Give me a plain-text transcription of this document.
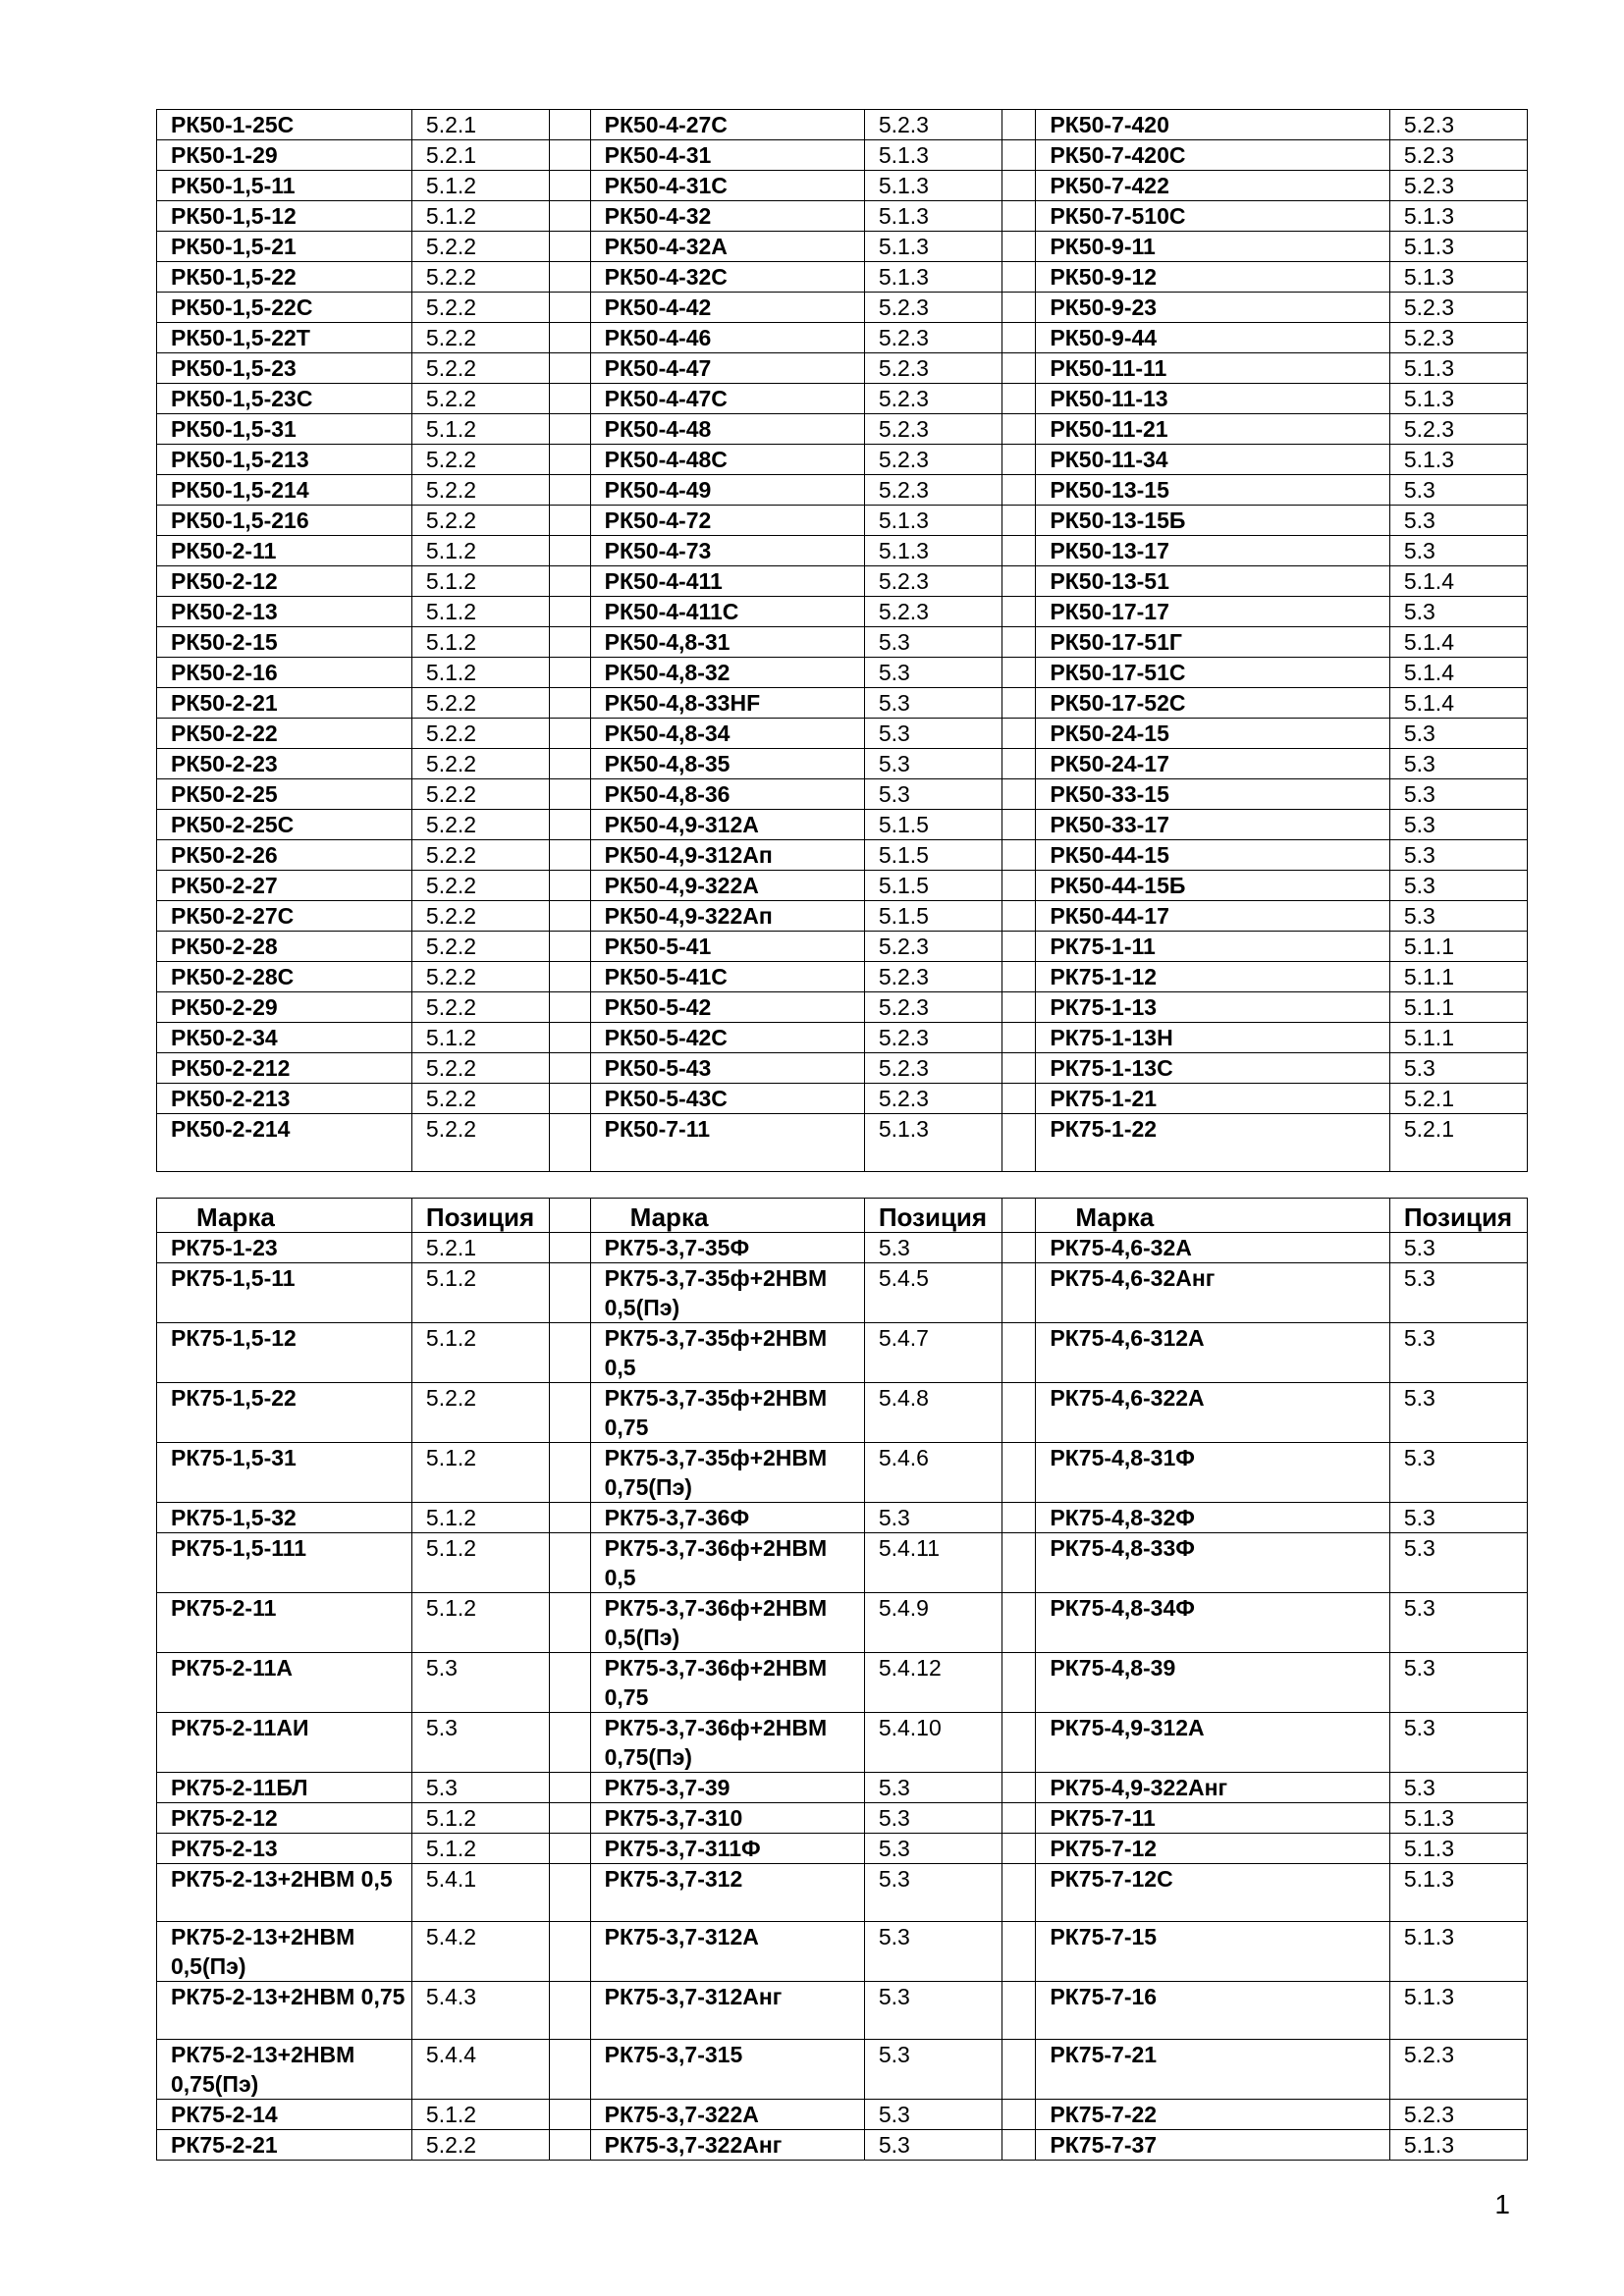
РК50-1-25С	5.2.1		РК50-4-27С	5.2.3		РК50-7-420	5.2.3
РК50-1-29	5.2.1		РК50-4-31	5.1.3		РК50-7-420С	5.2.3
РК50-1,5-11	5.1.2		РК50-4-31С	5.1.3		РК50-7-422	5.2.3
РК50-1,5-12	5.1.2		РК50-4-32	5.1.3		РК50-7-510С	5.1.3
РК50-1,5-21	5.2.2		РК50-4-32А	5.1.3		РК50-9-11	5.1.3
РК50-1,5-22	5.2.2		РК50-4-32С	5.1.3		РК50-9-12	5.1.3
РК50-1,5-22С	5.2.2		РК50-4-42	5.2.3		РК50-9-23	5.2.3
РК50-1,5-22Т	5.2.2		РК50-4-46	5.2.3		РК50-9-44	5.2.3
РК50-1,5-23	5.2.2		РК50-4-47	5.2.3		РК50-11-11	5.1.3
РК50-1,5-23С	5.2.2		РК50-4-47С	5.2.3		РК50-11-13	5.1.3
РК50-1,5-31	5.1.2		РК50-4-48	5.2.3		РК50-11-21	5.2.3
РК50-1,5-213	5.2.2		РК50-4-48С	5.2.3		РК50-11-34	5.1.3
РК50-1,5-214	5.2.2		РК50-4-49	5.2.3		РК50-13-15	5.3
РК50-1,5-216	5.2.2		РК50-4-72	5.1.3		РК50-13-15Б	5.3
РК50-2-11	5.1.2		РК50-4-73	5.1.3		РК50-13-17	5.3
РК50-2-12	5.1.2		РК50-4-411	5.2.3		РК50-13-51	5.1.4
РК50-2-13	5.1.2		РК50-4-411С	5.2.3		РК50-17-17	5.3
РК50-2-15	5.1.2		РК50-4,8-31	5.3		РК50-17-51Г	5.1.4
РК50-2-16	5.1.2		РК50-4,8-32	5.3		РК50-17-51С	5.1.4
РК50-2-21	5.2.2		РК50-4,8-33НF	5.3		РК50-17-52С	5.1.4
РК50-2-22	5.2.2		РК50-4,8-34	5.3		РК50-24-15	5.3
РК50-2-23	5.2.2		РК50-4,8-35	5.3		РК50-24-17	5.3
РК50-2-25	5.2.2		РК50-4,8-36	5.3		РК50-33-15	5.3
РК50-2-25С	5.2.2		РК50-4,9-312А	5.1.5		РК50-33-17	5.3
РК50-2-26	5.2.2		РК50-4,9-312Ап	5.1.5		РК50-44-15	5.3
РК50-2-27	5.2.2		РК50-4,9-322А	5.1.5		РК50-44-15Б	5.3
РК50-2-27С	5.2.2		РК50-4,9-322Ап	5.1.5		РК50-44-17	5.3
РК50-2-28	5.2.2		РК50-5-41	5.2.3		РК75-1-11	5.1.1
РК50-2-28С	5.2.2		РК50-5-41С	5.2.3		РК75-1-12	5.1.1
РК50-2-29	5.2.2		РК50-5-42	5.2.3		РК75-1-13	5.1.1
РК50-2-34	5.1.2		РК50-5-42С	5.2.3		РК75-1-13Н	5.1.1
РК50-2-212	5.2.2		РК50-5-43	5.2.3		РК75-1-13С	5.3
РК50-2-213	5.2.2		РК50-5-43С	5.2.3		РК75-1-21	5.2.1
РК50-2-214	5.2.2		РК50-7-11	5.1.3		РК75-1-22	5.2.1
Марка	Позиция		Марка	Позиция		Марка	Позиция
РК75-1-23	5.2.1		РК75-3,7-35Ф	5.3		РК75-4,6-32А	5.3
РК75-1,5-11	5.1.2		РК75-3,7-35ф+2НВМ 0,5(Пэ)	5.4.5		РК75-4,6-32Анг	5.3
РК75-1,5-12	5.1.2		РК75-3,7-35ф+2НВМ 0,5	5.4.7		РК75-4,6-312А	5.3
РК75-1,5-22	5.2.2		РК75-3,7-35ф+2НВМ 0,75	5.4.8		РК75-4,6-322А	5.3
РК75-1,5-31	5.1.2		РК75-3,7-35ф+2НВМ 0,75(Пэ)	5.4.6		РК75-4,8-31Ф	5.3
РК75-1,5-32	5.1.2		РК75-3,7-36Ф	5.3		РК75-4,8-32Ф	5.3
РК75-1,5-111	5.1.2		РК75-3,7-36ф+2НВМ 0,5	5.4.11		РК75-4,8-33Ф	5.3
РК75-2-11	5.1.2		РК75-3,7-36ф+2НВМ 0,5(Пэ)	5.4.9		РК75-4,8-34Ф	5.3
РК75-2-11А	5.3		РК75-3,7-36ф+2НВМ 0,75	5.4.12		РК75-4,8-39	5.3
РК75-2-11АИ	5.3		РК75-3,7-36ф+2НВМ 0,75(Пэ)	5.4.10		РК75-4,9-312А	5.3
РК75-2-11БЛ	5.3		РК75-3,7-39	5.3		РК75-4,9-322Анг	5.3
РК75-2-12	5.1.2		РК75-3,7-310	5.3		РК75-7-11	5.1.3
РК75-2-13	5.1.2		РК75-3,7-311Ф	5.3		РК75-7-12	5.1.3
РК75-2-13+2НВМ 0,5	5.4.1		РК75-3,7-312	5.3		РК75-7-12С	5.1.3
РК75-2-13+2НВМ 0,5(Пэ)	5.4.2		РК75-3,7-312А	5.3		РК75-7-15	5.1.3
РК75-2-13+2НВМ 0,75	5.4.3		РК75-3,7-312Анг	5.3		РК75-7-16	5.1.3
РК75-2-13+2НВМ 0,75(Пэ)	5.4.4		РК75-3,7-315	5.3		РК75-7-21	5.2.3
РК75-2-14	5.1.2		РК75-3,7-322А	5.3		РК75-7-22	5.2.3
РК75-2-21	5.2.2		РК75-3,7-322Анг	5.3		РК75-7-37	5.1.3
1
